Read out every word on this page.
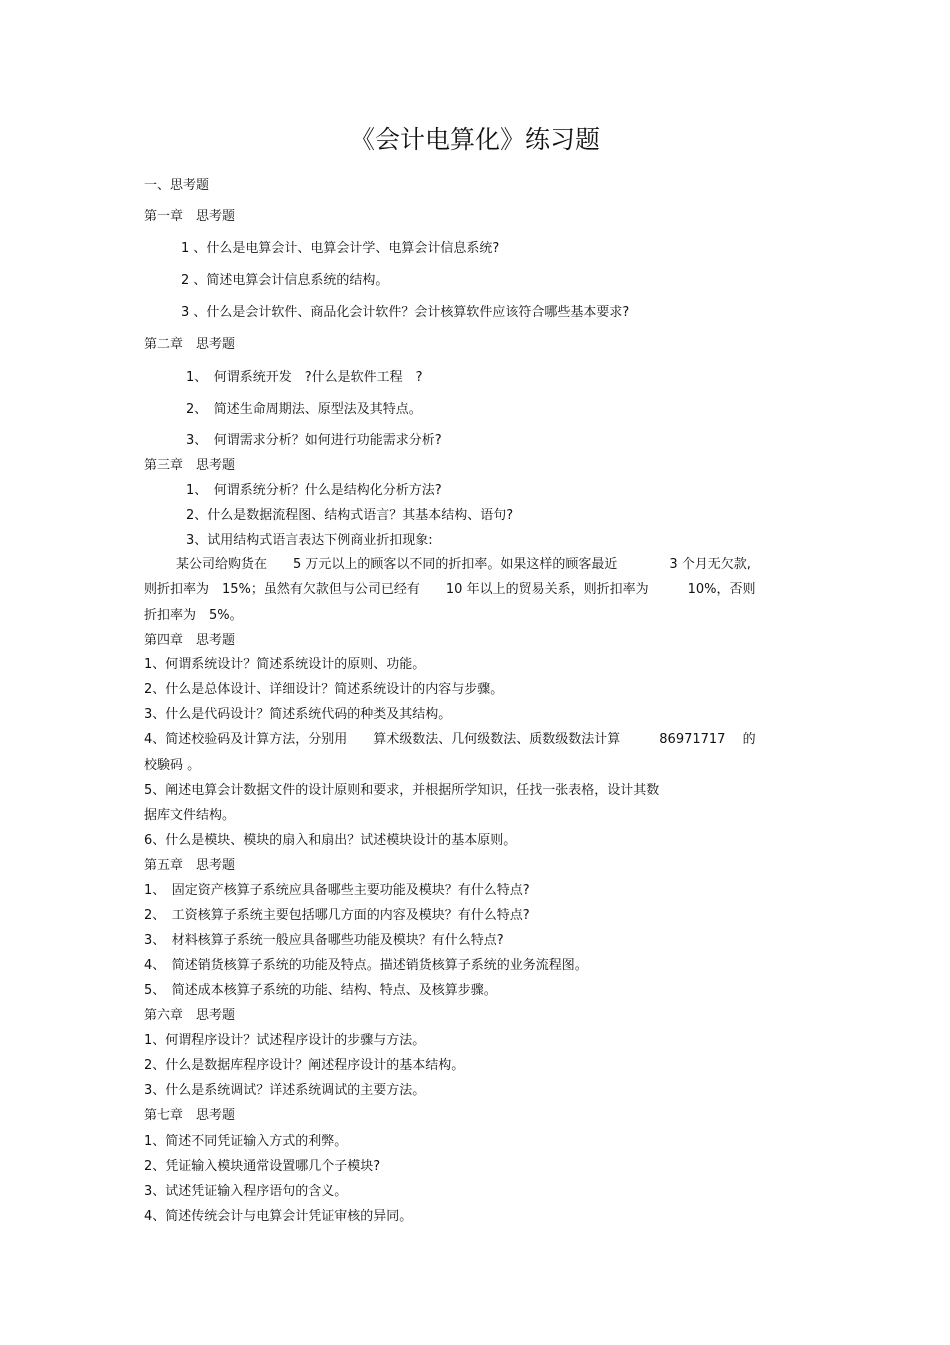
《会计电算化》练习题
一、思考题
第一章　思考题
1 、什么是电算会计、电算会计学、电算会计信息系统?
2 、简述电算会计信息系统的结构。
3 、什么是会计软件、商品化会计软件？会计核算软件应该符合哪些基本要求?
第二章　思考题
1、　何谓系统开发　?什么是软件工程　?
2、　简述生命周期法、原型法及其特点。
3、　何谓需求分析？如何进行功能需求分析?
第三章　思考题
1、　何谓系统分析？什么是结构化分析方法?
2、什么是数据流程图、结构式语言？其基本结构、语句?
3、试用结构式语言表达下例商业折扣现象:
某公司给购货在　　5 万元以上的顾客以不同的折扣率。如果这样的顾客最近　　　　3 个月无欠款,
则折扣率为　15%；虽然有欠款但与公司已经有　　10 年以上的贸易关系，则折扣率为　　　10%，否则
折扣率为　5%。
第四章　思考题
1、何谓系统设计？简述系统设计的原则、功能。
2、什么是总体设计、详细设计？简述系统设计的内容与步骤。
3、什么是代码设计？简述系统代码的种类及其结构。
4、简述校验码及计算方法，分别用　　算术级数法、几何级数法、质数级数法计算　　　86971717　 的
校験码 。
5、阐述电算会计数据文件的设计原则和要求，并根据所学知识，任找一张表格，设计其数
据库文件结构。
6、什么是模块、模块的扇入和扇出？试述模块设计的基本原则。
第五章　思考题
1、　固定资产核算子系统应具备哪些主要功能及模块？有什么特点?
2、　工资核算子系统主要包括哪几方面的内容及模块？有什么特点?
3、　材料核算子系统一般应具备哪些功能及模块？有什么特点?
4、　简述销货核算子系统的功能及特点。描述销货核算子系统的业务流程图。
5、　简述成本核算子系统的功能、结构、特点、及核算步骤。
第六章　思考题
1、何谓程序设计？试述程序设计的步骤与方法。
2、什么是数据库程序设计？阐述程序设计的基本结构。
3、什么是系统调试？详述系统调试的主要方法。
第七章　思考题
1、简述不同凭证输入方式的利弊。
2、凭证输入模块通常设置哪几个子模块?
3、试述凭证输入程序语句的含义。
4、简述传统会计与电算会计凭证审核的异同。
